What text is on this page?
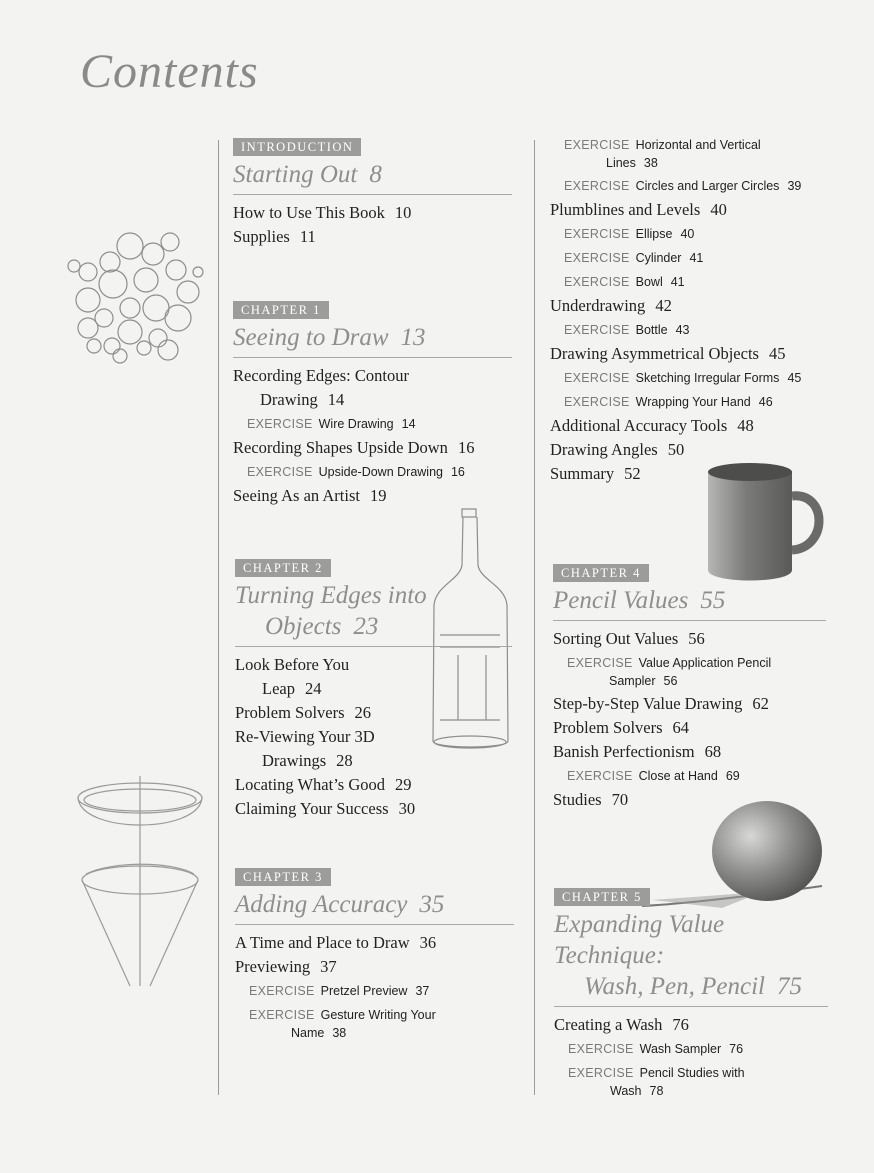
Contents
INTRODUCTION
Starting Out 8
How to Use This Book 10
Supplies 11
CHAPTER 1
Seeing to Draw 13
Recording Edges: Contour
Drawing 14
EXERCISE Wire Drawing 14
Recording Shapes Upside Down 16
EXERCISE Upside-Down Drawing 16
Seeing As an Artist 19
CHAPTER 2
Turning Edges into
Objects 23
Look Before You
Leap 24
Problem Solvers 26
Re-Viewing Your 3D
Drawings 28
Locating What’s Good 29
Claiming Your Success 30
CHAPTER 3
Adding Accuracy 35
A Time and Place to Draw 36
Previewing 37
EXERCISE Pretzel Preview 37
EXERCISE Gesture Writing Your
Name 38
EXERCISE Horizontal and Vertical
Lines 38
EXERCISE Circles and Larger Circles 39
Plumblines and Levels 40
EXERCISE Ellipse 40
EXERCISE Cylinder 41
EXERCISE Bowl 41
Underdrawing 42
EXERCISE Bottle 43
Drawing Asymmetrical Objects 45
EXERCISE Sketching Irregular Forms 45
EXERCISE Wrapping Your Hand 46
Additional Accuracy Tools 48
Drawing Angles 50
Summary 52
CHAPTER 4
Pencil Values 55
Sorting Out Values 56
EXERCISE Value Application Pencil
Sampler 56
Step-by-Step Value Drawing 62
Problem Solvers 64
Banish Perfectionism 68
EXERCISE Close at Hand 69
Studies 70
CHAPTER 5
Expanding Value Technique:
Wash, Pen, Pencil 75
Creating a Wash 76
EXERCISE Wash Sampler 76
EXERCISE Pencil Studies with
Wash 78
